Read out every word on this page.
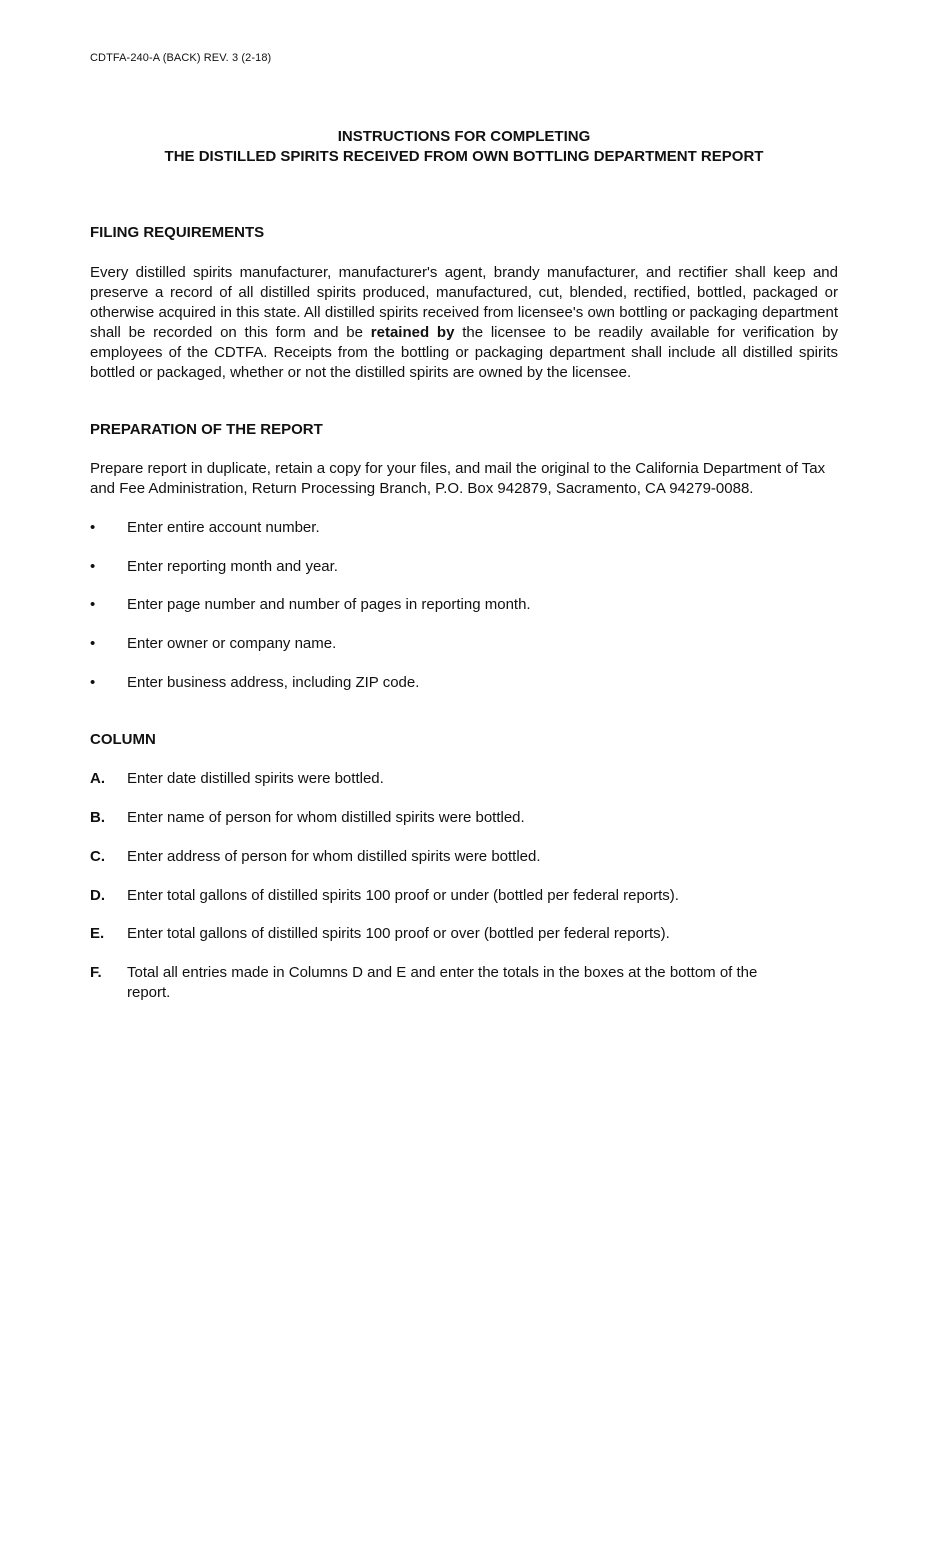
CDTFA-240-A (BACK) REV. 3 (2-18)
INSTRUCTIONS FOR COMPLETING
THE DISTILLED SPIRITS RECEIVED FROM OWN BOTTLING DEPARTMENT REPORT
FILING REQUIREMENTS
Every distilled spirits manufacturer, manufacturer's agent, brandy manufacturer, and rectifier shall keep and preserve a record of all distilled spirits produced, manufactured, cut, blended, rectified, bottled, packaged or otherwise acquired in this state. All distilled spirits received from licensee's own bottling or packaging department shall be recorded on this form and be retained by the licensee to be readily available for verification by employees of the CDTFA. Receipts from the bottling or packaging department shall include all distilled spirits bottled or packaged, whether or not the distilled spirits are owned by the licensee.
PREPARATION OF THE REPORT
Prepare report in duplicate, retain a copy for your files, and mail the original to the California Department of Tax and Fee Administration, Return Processing Branch, P.O. Box 942879, Sacramento, CA 94279-0088.
• Enter entire account number.
• Enter reporting month and year.
• Enter page number and number of pages in reporting month.
• Enter owner or company name.
• Enter business address, including ZIP code.
COLUMN
A. Enter date distilled spirits were bottled.
B. Enter name of person for whom distilled spirits were bottled.
C. Enter address of person for whom distilled spirits were bottled.
D. Enter total gallons of distilled spirits 100 proof or under (bottled per federal reports).
E. Enter total gallons of distilled spirits 100 proof or over (bottled per federal reports).
F. Total all entries made in Columns D and E and enter the totals in the boxes at the bottom of the report.
